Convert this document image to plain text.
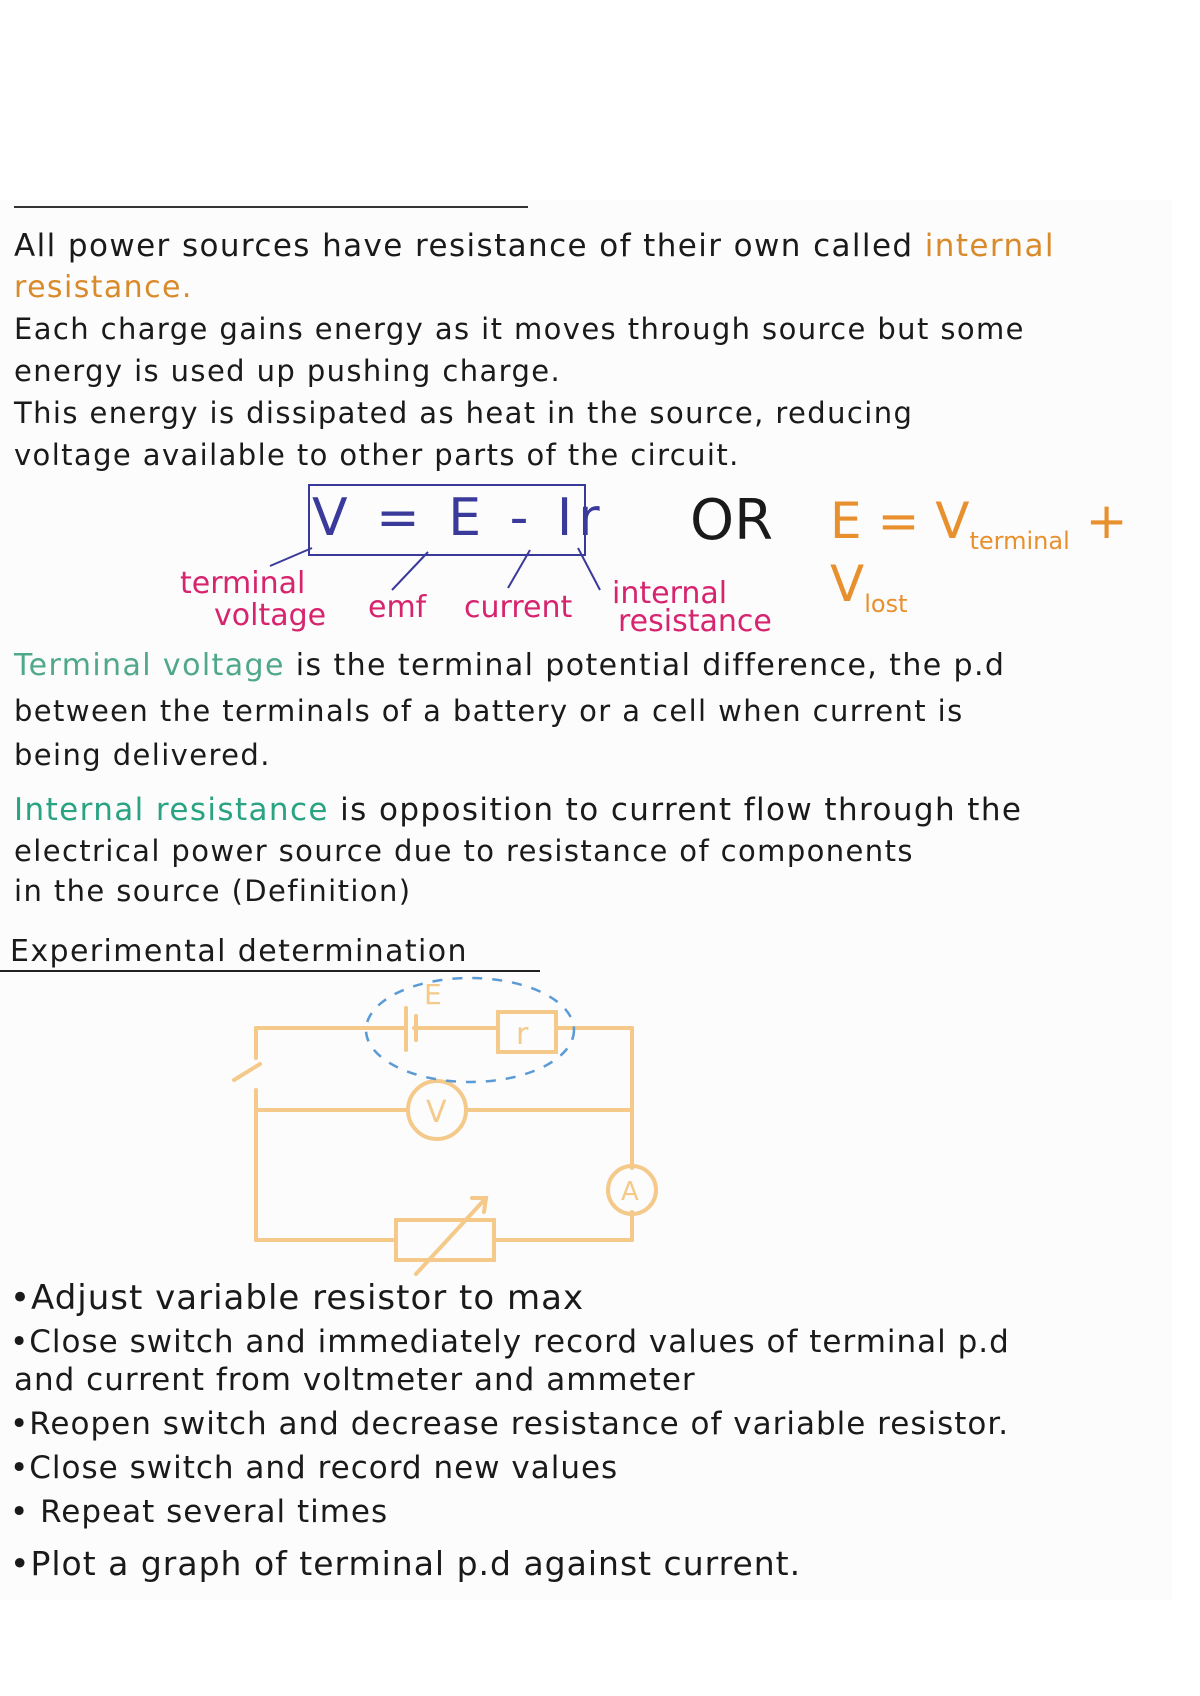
All power sources have resistance of their own called internal
resistance.
Each charge gains energy as it moves through source but some
energy is used up pushing charge.
This energy is dissipated as heat in the source, reducing
voltage available to other parts of the circuit.
V = E - Ir OR $E = V_{terminal} + V_{lost}$
terminal
voltage emf current internal
resistance
Terminal voltage is the terminal potential difference, the p.d
between the terminals of a battery or a cell when current is
being delivered.
Internal resistance is opposition to current flow through the
electrical power source due to resistance of components
in the source (Definition)
Experimental determination
E
r
V
A
•Adjust variable resistor to max
•Close switch and immediately record values of terminal p.d
and current from voltmeter and ammeter
•Reopen switch and decrease resistance of variable resistor.
•Close switch and record new values
• Repeat several times
•Plot a graph of terminal p.d against current.
